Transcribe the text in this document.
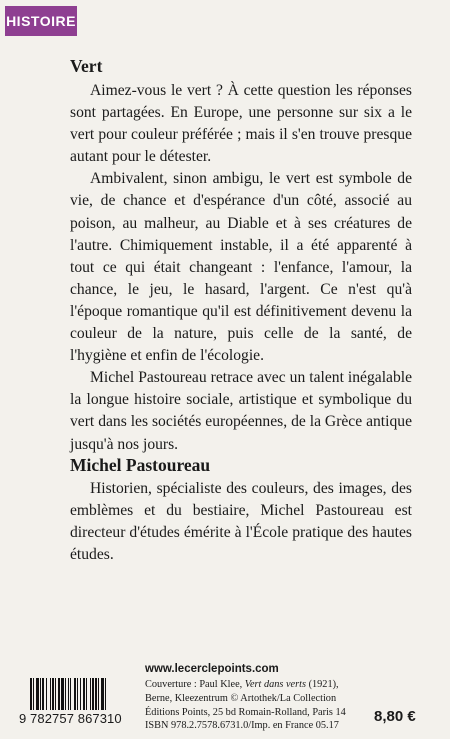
HISTOIRE
Vert

Aimez-vous le vert ? À cette question les réponses sont partagées. En Europe, une personne sur six a le vert pour couleur préférée ; mais il s'en trouve presque autant pour le détester.

Ambivalent, sinon ambigu, le vert est symbole de vie, de chance et d'espérance d'un côté, associé au poison, au malheur, au Diable et à ses créatures de l'autre. Chimiquement instable, il a été apparenté à tout ce qui était changeant : l'enfance, l'amour, la chance, le jeu, le hasard, l'argent. Ce n'est qu'à l'époque romantique qu'il est définitivement devenu la couleur de la nature, puis celle de la santé, de l'hygiène et enfin de l'écologie.

Michel Pastoureau retrace avec un talent inégalable la longue histoire sociale, artistique et symbolique du vert dans les sociétés européennes, de la Grèce antique jusqu'à nos jours.

Michel Pastoureau

Historien, spécialiste des couleurs, des images, des emblèmes et du bestiaire, Michel Pastoureau est directeur d'études émérite à l'École pratique des hautes études.

www.lecerclepoints.com
9 782757 867310
Couverture : Paul Klee, Vert dans verts (1921),
Berne, Kleezentrum © Artothek/La Collection
Éditions Points, 25 bd Romain-Rolland, Paris 14
ISBN 978.2.7578.6731.0/Imp. en France 05.17
8,80 €
